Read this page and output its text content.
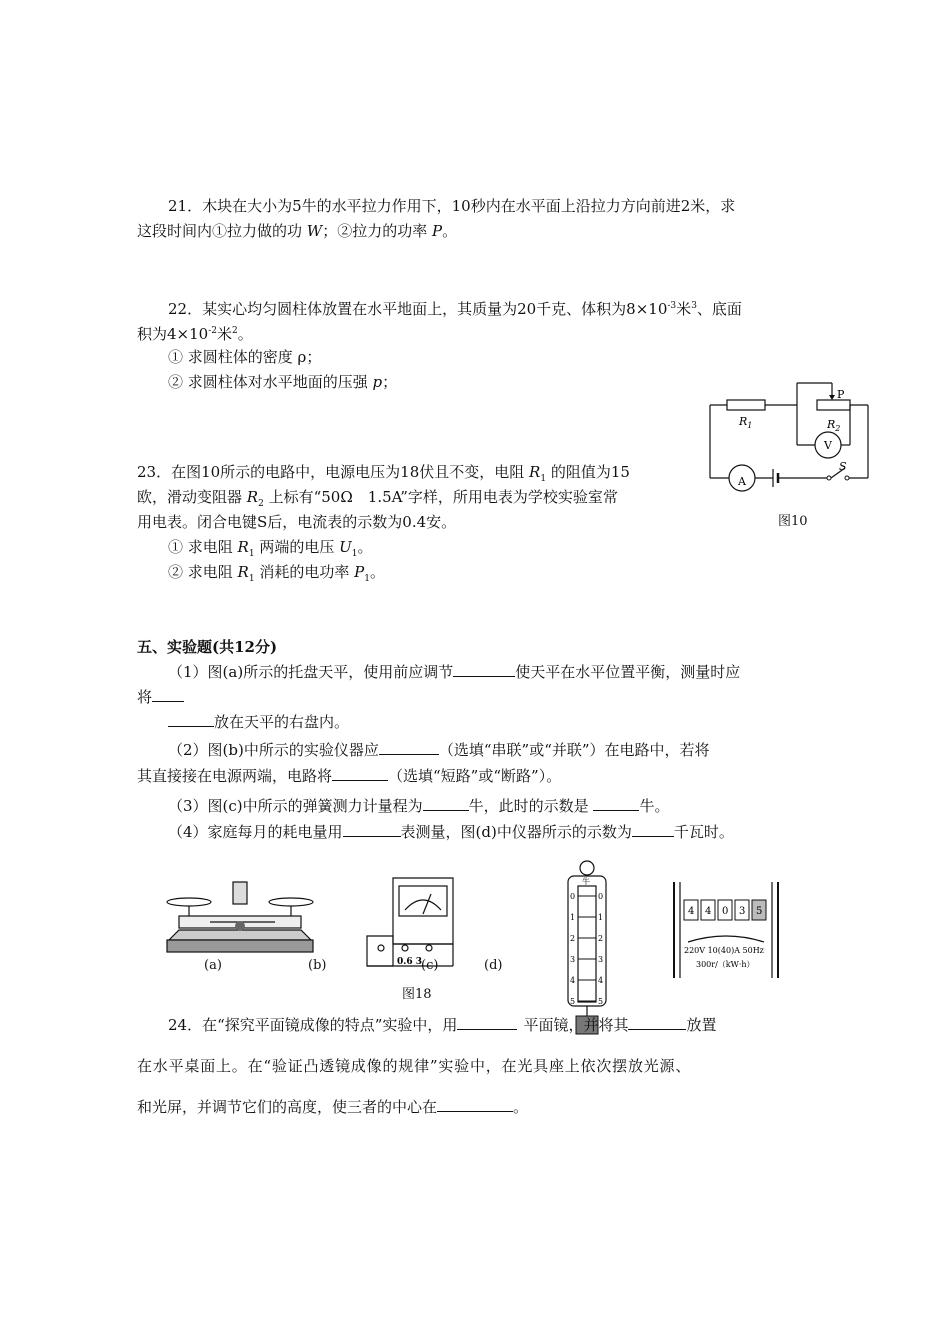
21．木块在大小为5牛的水平拉力作用下，10秒内在水平面上沿拉力方向前进2米，求
这段时间内①拉力做的功 W；②拉力的功率 P。
22．某实心均匀圆柱体放置在水平地面上，其质量为20千克、体积为$8\times 10^{-3}$米$^3$、底面
积为$4\times 10^{-2}$米$^2$。
① 求圆柱体的密度 ρ；
② 求圆柱体对水平地面的压强 p；
P
$R_1$	$R_2$
V
A
S
图10
23．在图10所示的电路中，电源电压为18伏且不变，电阻 $R_1$ 的阻值为15
欧，滑动变阻器 $R_2$ 上标有“50Ω　1.5A”字样，所用电表为学校实验室常
用电表。闭合电键S后，电流表的示数为0.4安。
① 求电阻 $R_1$ 两端的电压 $U_1$。
② 求电阻 $R_1$ 消耗的电功率 $P_1$。
五、实验题(共12分)
（1）图(a)所示的托盘天平，使用前应调节	使天平在水平位置平衡，测量时应
将
放在天平的右盘内。
（2）图(b)中所示的实验仪器应	（选填“串联”或“并联”）在电路中，若将
其直接接在电源两端，电路将	（选填“短路”或“断路”）。
（3）图(c)中所示的弹簧测力计量程为	牛，此时的示数是	牛。
（4）家庭每月的耗电量用	表测量，图(d)中仪器所示的示数为	千瓦时。
0.6 3
牛
0	0
1	1
2	2
3	3
4	4
5	5
4 4 0 3 5
220V 10(40)A 50Hz
300r/（kW·h）
(a)	(b)	(c)	(d)
图18
24．在“探究平面镜成像的特点”实验中，用	平面镜，并将其	放置
在水平桌面上。在“验证凸透镜成像的规律”实验中，在光具座上依次摆放光源、
和光屏，并调节它们的高度，使三者的中心在	。
